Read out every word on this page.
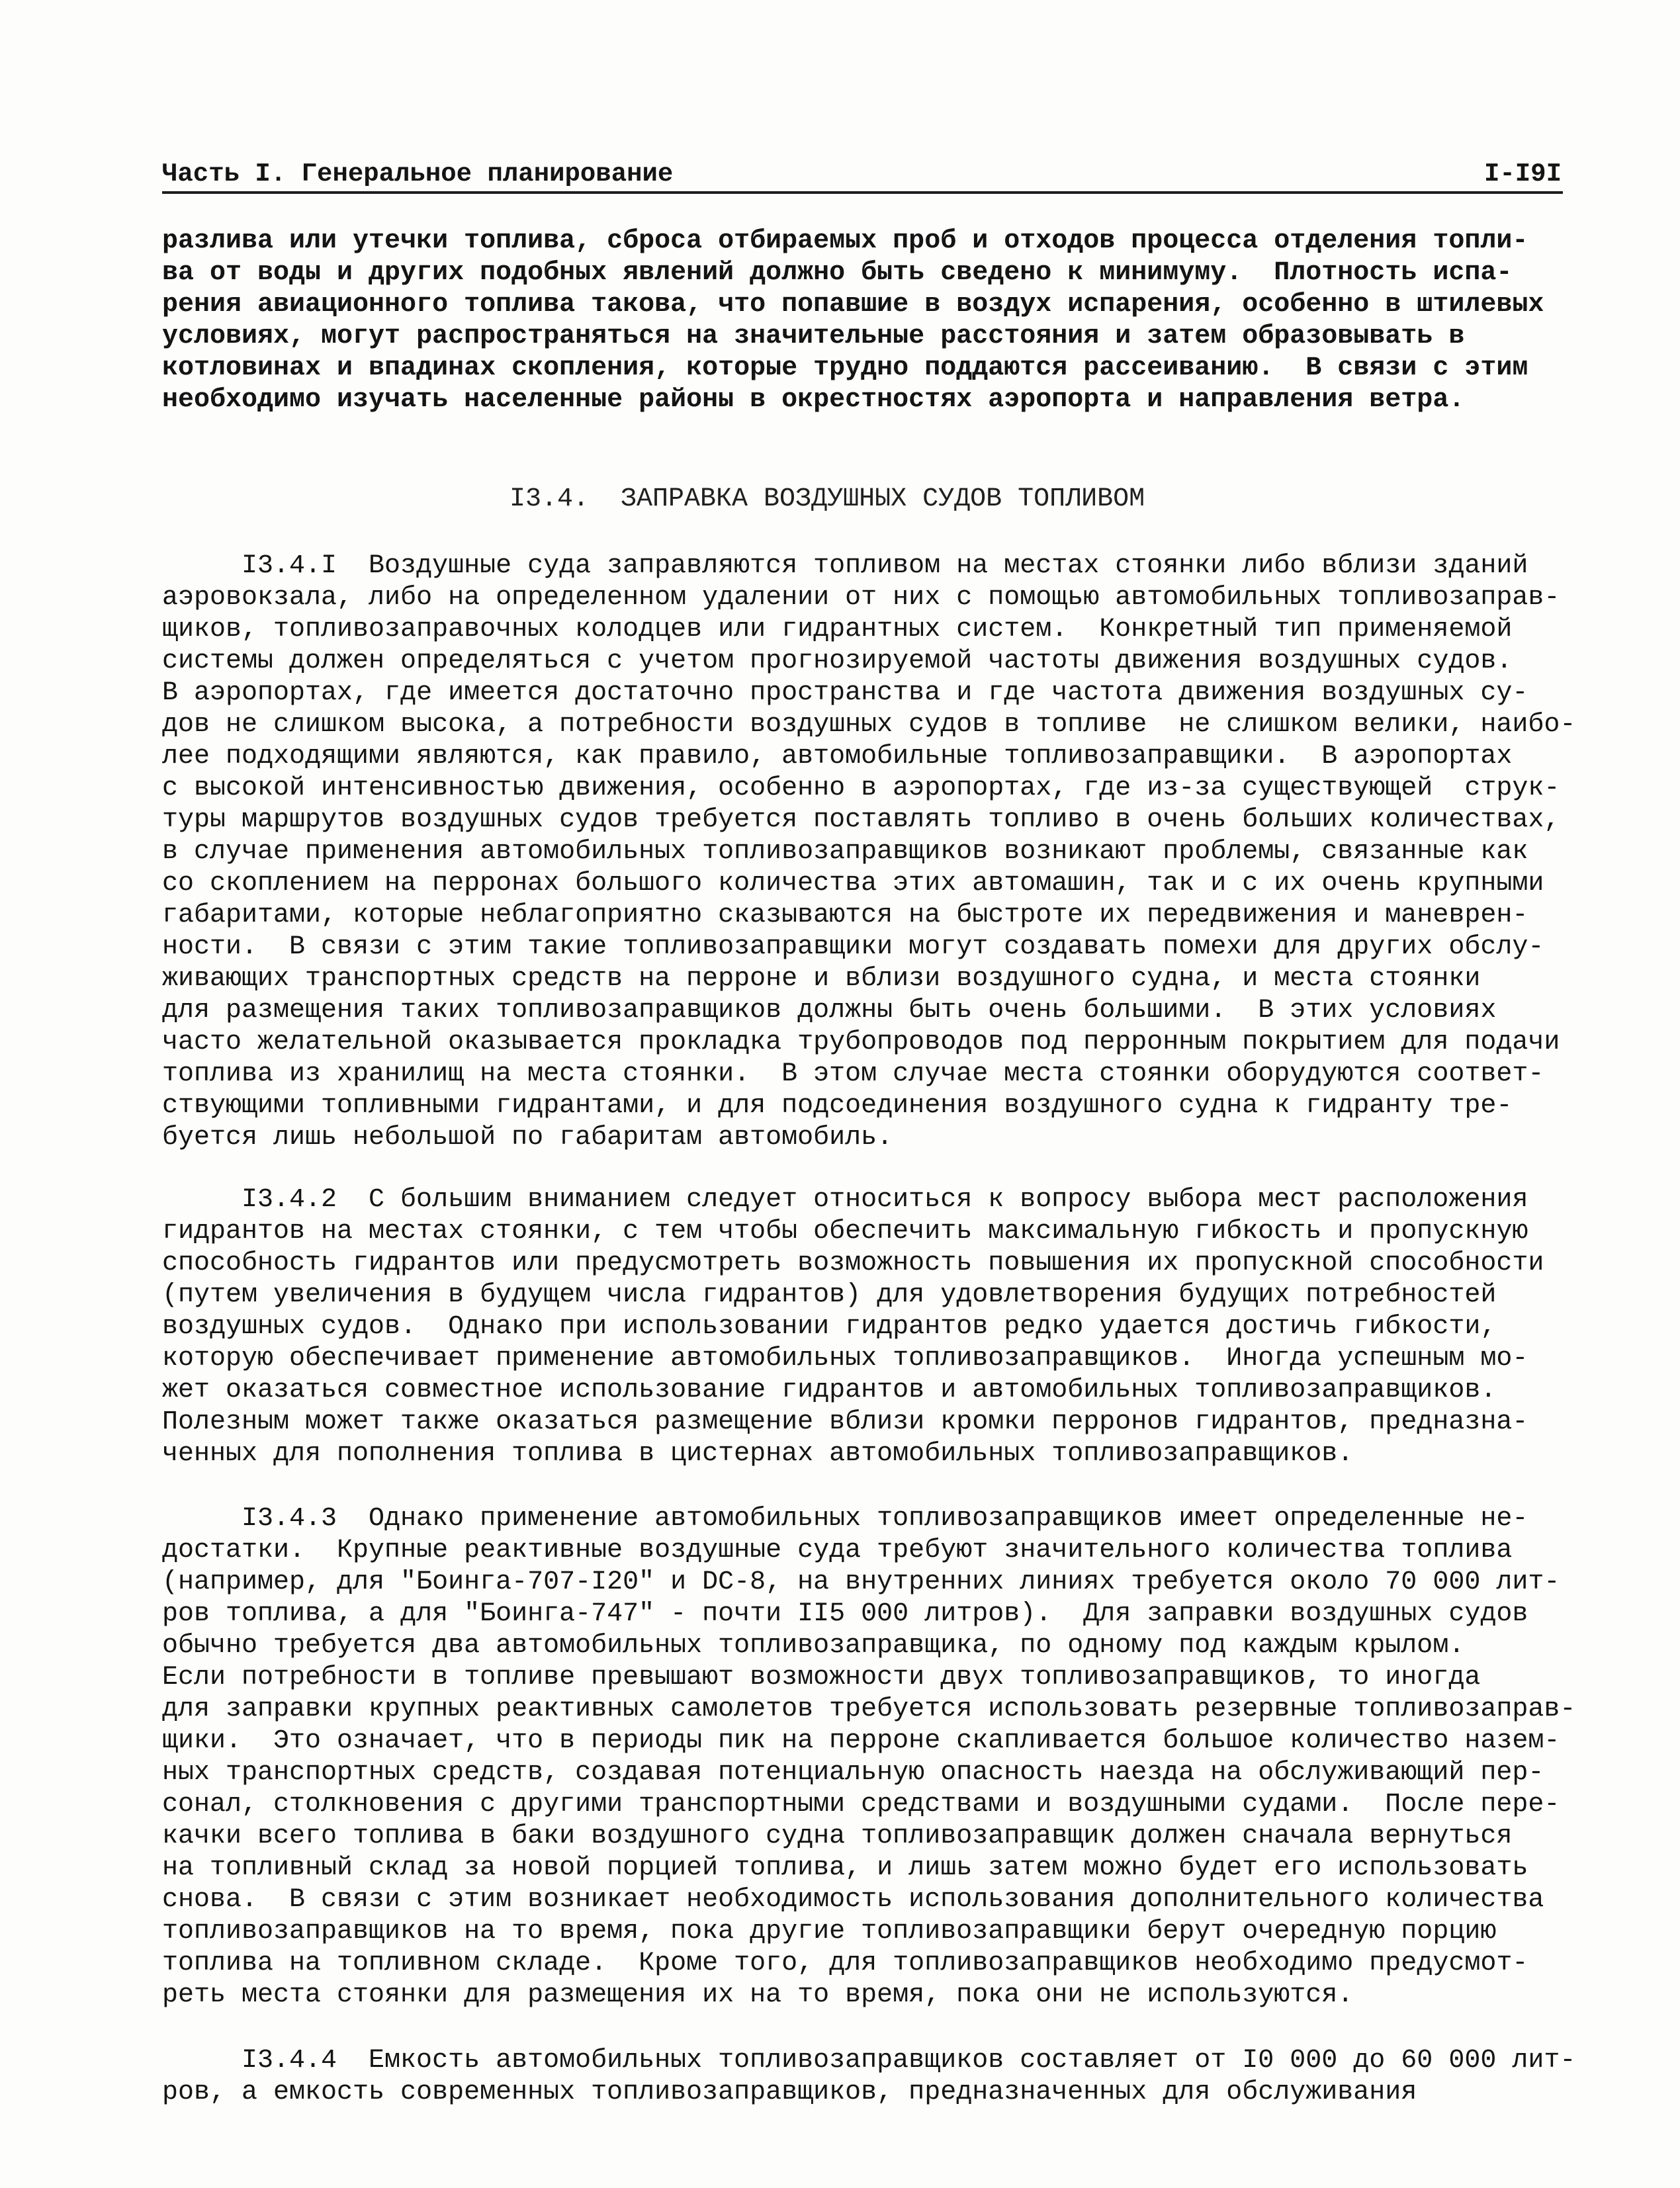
Часть I. Генеральное планирование	I-I9I
разлива или утечки топлива, сброса отбираемых проб и отходов процесса отделения топли-
ва от воды и других подобных явлений должно быть сведено к минимуму.  Плотность испа-
рения авиационного топлива такова, что попавшие в воздух испарения, особенно в штилевых
условиях, могут распространяться на значительные расстояния и затем образовывать в
котловинах и впадинах скопления, которые трудно поддаются рассеиванию.  В связи с этим
необходимо изучать населенные районы в окрестностях аэропорта и направления ветра.
I3.4. ЗАПРАВКА ВОЗДУШНЫХ СУДОВ ТОПЛИВОМ
I3.4.I Воздушные суда заправляются топливом на местах стоянки либо вблизи зданий
аэровокзала, либо на определенном удалении от них с помощью автомобильных топливозаправ-
щиков, топливозаправочных колодцев или гидрантных систем.  Конкретный тип применяемой
системы должен определяться с учетом прогнозируемой частоты движения воздушных судов.
В аэропортах, где имеется достаточно пространства и где частота движения воздушных су-
дов не слишком высока, а потребности воздушных судов в топливе  не слишком велики, наибо-
лее подходящими являются, как правило, автомобильные топливозаправщики.  В аэропортах
с высокой интенсивностью движения, особенно в аэропортах, где из-за существующей  струк-
туры маршрутов воздушных судов требуется поставлять топливо в очень больших количествах,
в случае применения автомобильных топливозаправщиков возникают проблемы, связанные как
со скоплением на перронах большого количества этих автомашин, так и с их очень крупными
габаритами, которые неблагоприятно сказываются на быстроте их передвижения и маневрен-
ности.  В связи с этим такие топливозаправщики могут создавать помехи для других обслу-
живающих транспортных средств на перроне и вблизи воздушного судна, и места стоянки
для размещения таких топливозаправщиков должны быть очень большими.  В этих условиях
часто желательной оказывается прокладка трубопроводов под перронным покрытием для подачи
топлива из хранилищ на места стоянки.  В этом случае места стоянки оборудуются соответ-
ствующими топливными гидрантами, и для подсоединения воздушного судна к гидранту тре-
буется лишь небольшой по габаритам автомобиль.
I3.4.2 С большим вниманием следует относиться к вопросу выбора мест расположения
гидрантов на местах стоянки, с тем чтобы обеспечить максимальную гибкость и пропускную
способность гидрантов или предусмотреть возможность повышения их пропускной способности
(путем увеличения в будущем числа гидрантов) для удовлетворения будущих потребностей
воздушных судов.  Однако при использовании гидрантов редко удается достичь гибкости,
которую обеспечивает применение автомобильных топливозаправщиков.  Иногда успешным мо-
жет оказаться совместное использование гидрантов и автомобильных топливозаправщиков.
Полезным может также оказаться размещение вблизи кромки перронов гидрантов, предназна-
ченных для пополнения топлива в цистернах автомобильных топливозаправщиков.
I3.4.3 Однако применение автомобильных топливозаправщиков имеет определенные не-
достатки.  Крупные реактивные воздушные суда требуют значительного количества топлива
(например, для "Боинга-707-I20" и DC-8, на внутренних линиях требуется около 70 000 лит-
ров топлива, а для "Боинга-747" - почти II5 000 литров).  Для заправки воздушных судов
обычно требуется два автомобильных топливозаправщика, по одному под каждым крылом.
Если потребности в топливе превышают возможности двух топливозаправщиков, то иногда
для заправки крупных реактивных самолетов требуется использовать резервные топливозаправ-
щики.  Это означает, что в периоды пик на перроне скапливается большое количество назем-
ных транспортных средств, создавая потенциальную опасность наезда на обслуживающий пер-
сонал, столкновения с другими транспортными средствами и воздушными судами.  После пере-
качки всего топлива в баки воздушного судна топливозаправщик должен сначала вернуться
на топливный склад за новой порцией топлива, и лишь затем можно будет его использовать
снова.  В связи с этим возникает необходимость использования дополнительного количества
топливозаправщиков на то время, пока другие топливозаправщики берут очередную порцию
топлива на топливном складе.  Кроме того, для топливозаправщиков необходимо предусмот-
реть места стоянки для размещения их на то время, пока они не используются.
I3.4.4 Емкость автомобильных топливозаправщиков составляет от I0 000 до 60 000 лит-
ров, а емкость современных топливозаправщиков, предназначенных для обслуживания
